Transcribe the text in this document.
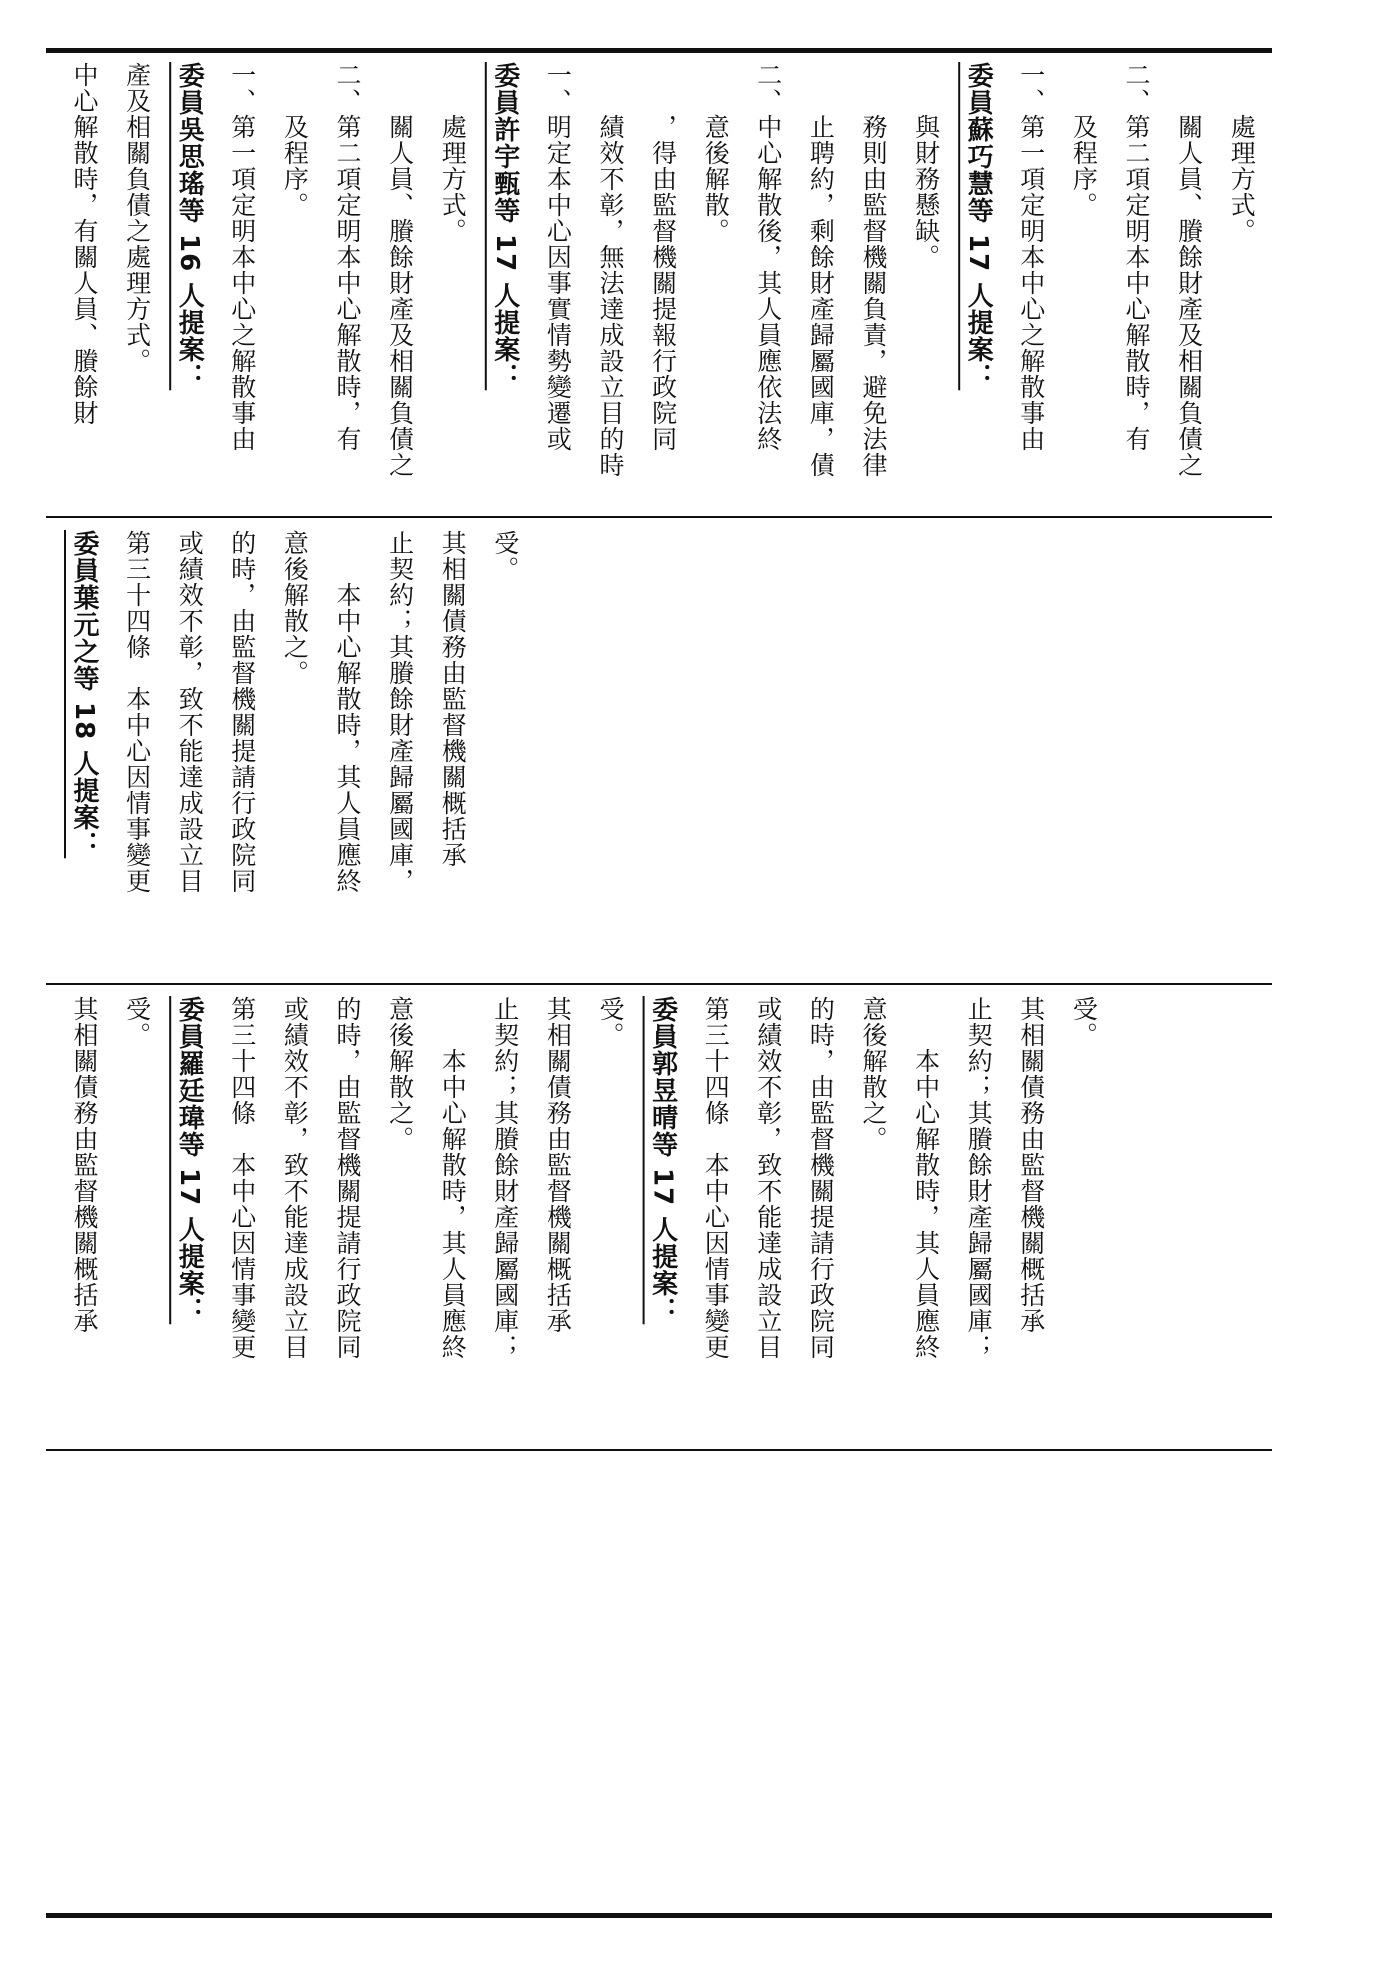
中心解散時，有關人員、賸餘財 產及相關負債之處理方式。 委員吳思瑤等 16 人提案： 一、第一項定明本中心之解散事由 　　及程序。 二、第二項定明本中心解散時，有 　　關人員、賸餘財產及相關負債之 　　處理方式。 委員許宇甄等 17 人提案： 一、明定本中心因事實情勢變遷或 　　績效不彰，無法達成設立目的時 　　，得由監督機關提報行政院同 　　意後解散。 二、中心解散後，其人員應依法終 　　止聘約，剩餘財產歸屬國庫，債 　　務則由監督機關負責，避免法律 　　與財務懸缺。 委員蘇巧慧等 17 人提案： 一、第一項定明本中心之解散事由 　　及程序。 二、第二項定明本中心解散時，有 　　關人員、賸餘財產及相關負債之 　　處理方式。
委員葉元之等 18 人提案： 第三十四條　本中心因情事變更 或績效不彰，致不能達成設立目 的時，由監督機關提請行政院同 意後解散之。 　　本中心解散時，其人員應終 止契約；其賸餘財產歸屬國庫， 其相關債務由監督機關概括承 受。
其相關債務由監督機關概括承 受。 委員羅廷瑋等 17 人提案： 第三十四條　本中心因情事變更 或績效不彰，致不能達成設立目 的時，由監督機關提請行政院同 意後解散之。 　　本中心解散時，其人員應終 止契約；其賸餘財產歸屬國庫； 其相關債務由監督機關概括承 受。 委員郭昱晴等 17 人提案： 第三十四條　本中心因情事變更 或績效不彰，致不能達成設立目 的時，由監督機關提請行政院同 意後解散之。 　　本中心解散時，其人員應終 止契約；其賸餘財產歸屬國庫； 其相關債務由監督機關概括承 受。
